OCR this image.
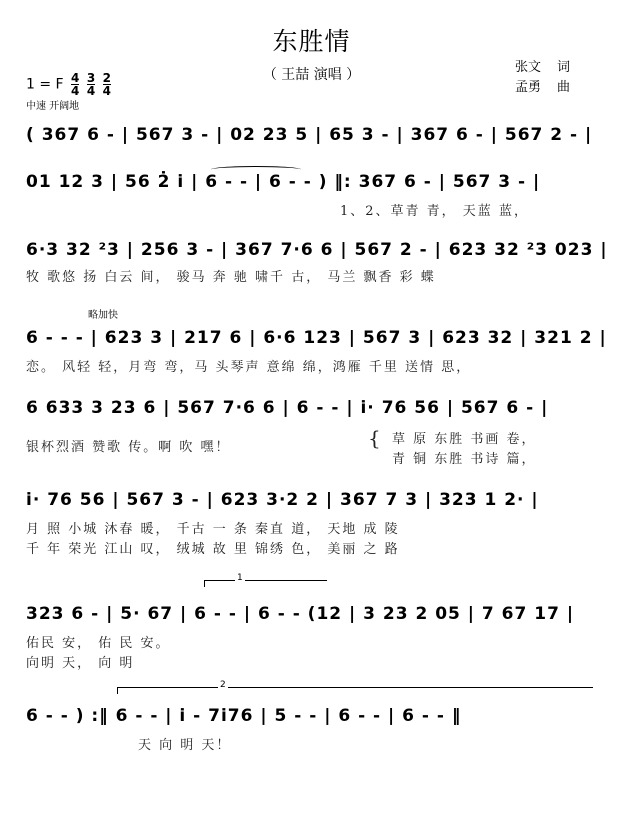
东胜情
（ 王喆 演唱 ）
1 = F $\frac{4}{4}$
$\frac{3}{4}$
$\frac{2}{4}$
中速 开阔地
张文 词
孟勇 曲
( 367 6 - | 567 3 - | 02 23 5 | 65 3 - | 367 6 - | 567 2 - |
01 12 3 | 56 2̇ i̇ | 6 - - | 6 - - ) ‖: 367 6 - | 567 3 - |
1、2、草青 青， 天蓝 蓝，
6·3 32 ²3 | 256 3 - | 367 7·6 6 | 567 2 - | 623 32 ²3 023 |
牧 歌悠 扬 白云 间， 骏马 奔 驰 啸千 古， 马兰 飘香 彩 蝶
略加快
6 - - - | 623 3 | 217 6 | 6·6 123 | 567 3 | 623 32 | 321 2 |
恋。 风轻 轻，月弯 弯，马 头琴声 意绵 绵，鸿雁 千里 送情 思，
6 633 3 23 6 | 567 7·6 6 | 6 - - | i̇· 76 56 | 567 6 - |
银杯烈酒 赞歌 传。啊 吹 嘿！	{ 草 原 东胜 书画 卷，
青 铜 东胜 书诗 篇，
i̇· 76 56 | 567 3 - | 623 3·2 2 | 367 7 3 | 323 1 2· |
月 照 小城 沐春 暖， 千古 一 条 秦直 道， 天地 成 陵
千 年 荣光 江山 叹， 绒城 故 里 锦绣 色， 美丽 之 路
1
323 6 - | 5· 67 | 6 - - | 6 - - (12 | 3 23 2 05 | 7 67 17 |
佑民 安， 佑 民 安。
向明 天， 向 明
2
6 - - ) :‖ 6 - - | i̇ - 7i̇76 | 5 - - | 6 - - | 6 - - ‖
天 向 明 天！
